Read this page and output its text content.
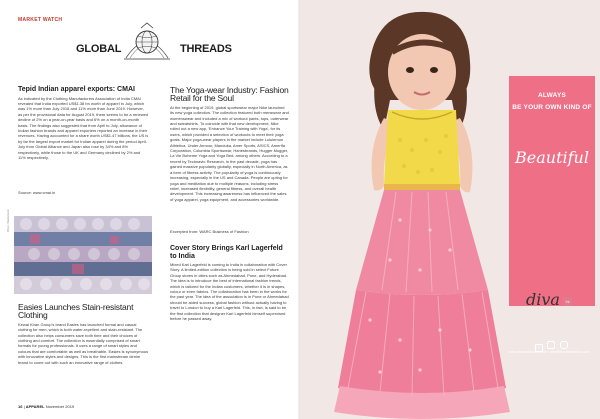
MARKET WATCH
GLOBAL	THREADS

Tepid Indian apparel exports: CMAI

As indicated by the Clothing Manufacturers Association of India CMAI revealed that India exported US$1.38 bn worth of apparel in July, which was 1% more than July 2018 and 11% more than June 2019. However, as per the provisional data for August 2019, there seems to be a renewed decline of 2% on a year-on-year basis and 6% on a month-on-month basis. The findings also suggested that from April to July, allowance of Indian fashion brands and apparel exporters reported an increase in their revenues. Having accounted for a share worth US$1.47 billions, the US is by far the largest export market for Indian apparel during the period April-July from Global Alliance and Japan also rose by 34% and 8% respectively, while those to the UK and Germany declined by 2% and 11% respectively.

Source: www.cmai.in

Photo: Shutterstock

Easies Launches Stain-resistant Clothing

Kewal Kiran Group's brand Easies has launched formal and casual clothing for men, which is both water-repellent and stain-resistant. The collection also helps consumers save both time and their choices of clothing and comfort. The collection is essentially comprised of smart formals for young professionals. It uses a range of smart styles and colours that are comfortable as well as breathable. Easies is synonymous with innovative styles and designs. This is the first mainstream denim brand to come out with such an innovative range of clothes.

The Yoga-wear Industry: Fashion Retail for the Soul

At the beginning of 2019, global sportswear major Nike launched its new yoga collection. The collection featured both menswear and womenswear and included a mix of workout pants, tops, outerwear and sweatshirts. To coincide with that new development, Nike rolled out a new app, 'Enhance Your Training with Yoga', for its users, which provided a selection of workouts to meet their yoga goals. Major yoga-wear players in the market include Lululemon Athletica, Under Armour, Manduka, Amer Sports, ASICS, Amerifa Corporation, Columbia Sportswear, Hanesbrands, Hugger Mugger, La Vie Boheme Yoga and Yoga Bed, among others. According to a recent by Technavio Research, in the past decade, yoga has gained massive popularity globally, especially in North America, as a form of fitness activity. The popularity of yoga is continuously increasing, especially in the US and Canada. People are opting for yoga and meditation due to multiple reasons, including stress relief, increased flexibility, general fitness, and overall health development. This increasing awareness has influenced the sales of yoga apparel, yoga equipment, and accessories worldwide.

Excerpted from: WARC Business of Fashion

Cover Story Brings Karl Lagerfeld to India

Mixed Karl Lagerfeld is coming to India in collaboration with Cover Story. A limited-edition collection is being sold in select Future Group stores in cities such as Ahmedabad, Pune, and Hyderabad. The idea is to introduce the best of international fashion trends, which is tailored for the Indian customers, whether it is in shapes, colour or even fabrics. The collaboration has been in the works for the past year. The idea of the association is in Pune or Ahmedabad should be aided success, global fashion without actually having to travel to London to buy a Karl Lagerfeld. This, in fact, is said to be the first collection that designer Karl Lagerfeld himself supervised before he passed away.

16 | APPAREL November 2019
ALWAYS
BE YOUR OWN KIND OF
Beautiful
diva	'ni
f
www.divaniofashion.com • info@divaniofashion.com
